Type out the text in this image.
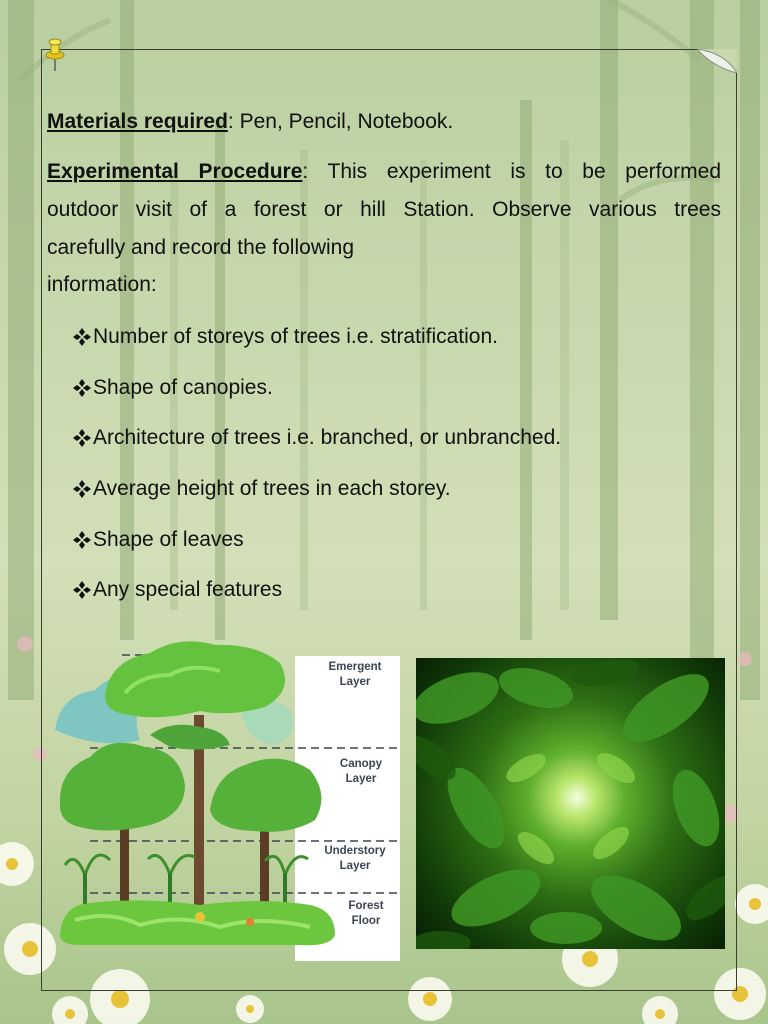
Materials required: Pen, Pencil, Notebook.

Experimental Procedure: This experiment is to be performed

outdoor visit of a forest or hill Station. Observe various trees

carefully and record the following

information:

Number of storeys of trees i.e. stratification.
Shape of canopies.
Architecture of trees i.e. branched, or unbranched.
Average height of trees in each storey.
Shape of leaves
Any special features
Emergent
Layer
Canopy
Layer
Understory
Layer
Forest
Floor
